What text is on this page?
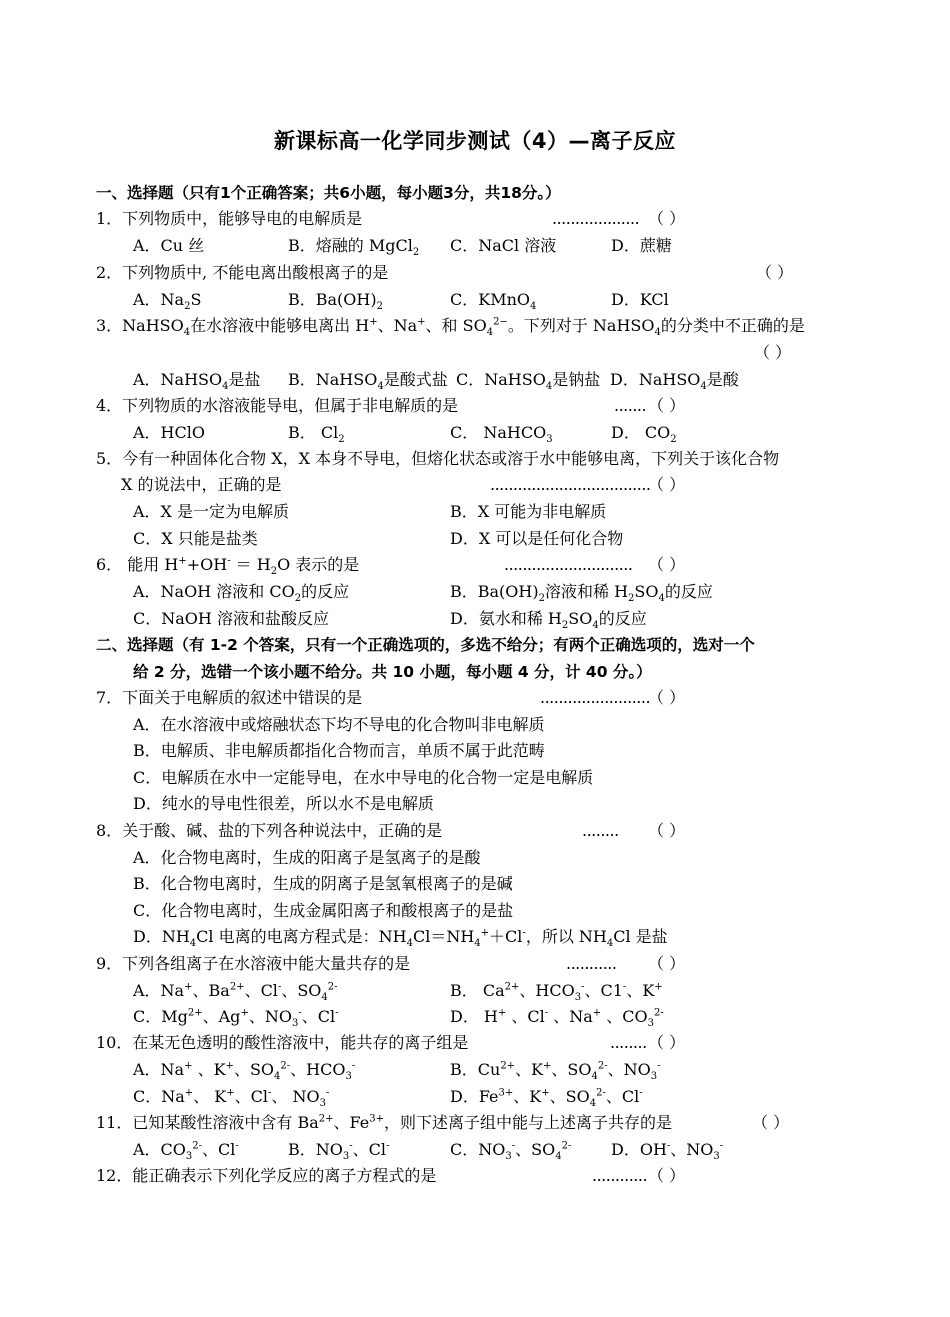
新课标高一化学同步测试（4）—离子反应
一、选择题（只有1个正确答案；共6小题，每小题3分，共18分。）
1．下列物质中，能够导电的电解质是	................... （ ）
A．Cu 丝	B．熔融的 MgCl$_2$ C．NaCl 溶液	D．蔗糖
2．下列物质中, 不能电离出酸根离子的是	（ ）
A．$Na_2S$	B．$Ba(OH)_2$	C．KMnO$_4$	D．KCl
3．NaHSO$_4$在水溶液中能够电离出 H+、Na+、和 $SO_4^{2-}$。下列对于 NaHSO$_4$的分类中不正确的是
（ ）
A．NaHSO$_4$是盐 B．NaHSO$_4$是酸式盐 C．NaHSO$_4$是钠盐 D．NaHSO$_4$是酸
4．下列物质的水溶液能导电，但属于非电解质的是	....... （ ）
A．HClO	B． $Cl_2$	C． NaHCO$_3$	D． $CO_2$
5．今有一种固体化合物 X，X 本身不导电，但熔化状态或溶于水中能够电离，下列关于该化合物
X 的说法中，正确的是	...................................
（ ）
A．X 是一定为电解质	B．X 可能为非电解质
C．X 只能是盐类	D．X 可以是任何化合物
6． 能用 $H^++OH^- = H_2O$ 表示的是	............................ （ ）
A．NaOH 溶液和 $CO_2$的反应	B．$Ba(OH)_2$溶液和稀 $H_2SO_4$的反应
C．NaOH 溶液和盐酸反应	D．氨水和稀 $H_2SO_4$的反应
二、选择题（有 1-2 个答案，只有一个正确选项的，多选不给分；有两个正确选项的，选对一个
给 2 分，选错一个该小题不给分。共 10 小题，每小题 4 分，计 40 分。）
7．下面关于电解质的叙述中错误的是	........................
（ ）
A．在水溶液中或熔融状态下均不导电的化合物叫非电解质
B．电解质、非电解质都指化合物而言，单质不属于此范畴
C．电解质在水中一定能导电，在水中导电的化合物一定是电解质
D．纯水的导电性很差，所以水不是电解质
8．关于酸、碱、盐的下列各种说法中，正确的是	........ （ ）
A．化合物电离时，生成的阳离子是氢离子的是酸
B．化合物电离时，生成的阴离子是氢氧根离子的是碱
C．化合物电离时，生成金属阳离子和酸根离子的是盐
D．$NH_4Cl$ 电离的电离方程式是：$NH_4Cl=NH_4^++Cl^-$，所以 $NH_4Cl$ 是盐
9．下列各组离子在水溶液中能大量共存的是	........... （ ）
A．Na+、$Ba^{2+}$、Cl-、$SO_4^{2-}$	B． $Ca^{2+}$、$HCO_3^-$、C1-、K+
C．$Mg^{2+}$、Ag+、$NO_3^-$、Cl-	D． H+ 、Cl- 、Na+ 、$CO_3^{2-}$
10．在某无色透明的酸性溶液中，能共存的离子组是	........ （ ）
A．Na+ 、K+、$SO_4^{2-}$、$HCO_3^-$	B．$Cu^{2+}$、K+、$SO_4^{2-}$、$NO_3^-$
C．Na+、 K+、Cl-、 $NO_3^-$	D．$Fe^{3+}$、K+、$SO_4^{2-}$、Cl-
11．已知某酸性溶液中含有 $Ba^{2+}$、$Fe^{3+}$，则下述离子组中能与上述离子共存的是	（ ）
A．$CO_3^{2-}$、Cl-	B．$NO_3^-$、Cl-	C．$NO_3^-$、$SO_4^{2-}$ D．OH-、$NO_3^-$
12．能正确表示下列化学反应的离子方程式的是	............ （ ）
